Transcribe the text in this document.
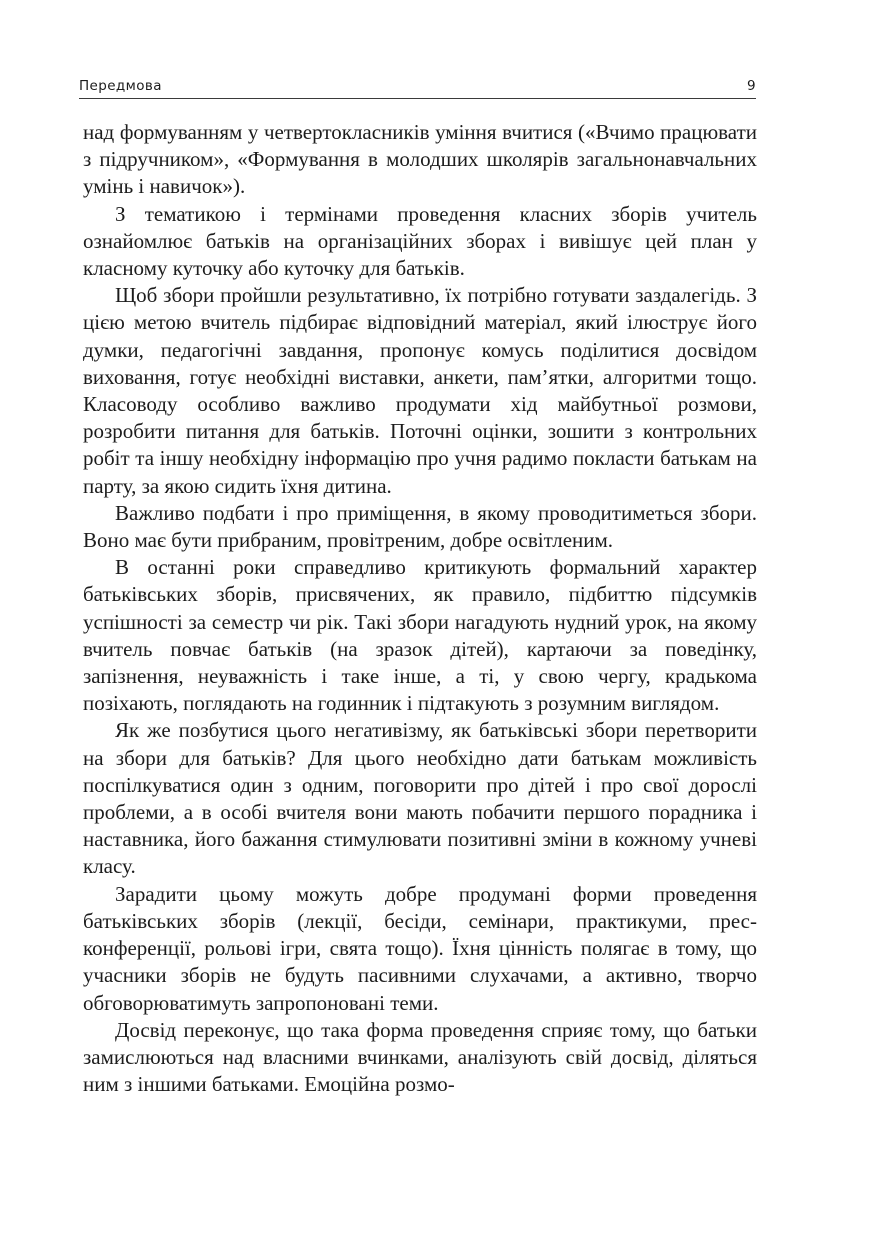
Передмова	9

над формуванням у четвертокласників уміння вчитися («Вчимо працювати з підручником», «Формування в молодших школярів загальнонавчальних умінь і навичок»).

З тематикою і термінами проведення класних зборів учитель ознайомлює батьків на організаційних зборах і вивішує цей план у класному куточку або куточку для батьків.

Щоб збори пройшли результативно, їх потрібно готувати заздалегідь. З цією метою вчитель підбирає відповідний матеріал, який ілюструє його думки, педагогічні завдання, пропонує комусь поділитися досвідом виховання, готує необхідні виставки, анкети, пам’ятки, алгоритми тощо. Класоводу особливо важливо продумати хід майбутньої розмови, розробити питання для батьків. Поточні оцінки, зошити з контрольних робіт та іншу необхідну інформацію про учня радимо покласти батькам на парту, за якою сидить їхня дитина.

Важливо подбати і про приміщення, в якому проводитиметься збори. Воно має бути прибраним, провітреним, добре освітленим.

В останні роки справедливо критикують формальний характер батьківських зборів, присвячених, як правило, підбиттю підсумків успішності за семестр чи рік. Такі збори нагадують нудний урок, на якому вчитель повчає батьків (на зразок дітей), картаючи за поведінку, запізнення, неуважність і таке інше, а ті, у свою чергу, крадькома позіхають, поглядають на годинник і підтакують з розумним виглядом.

Як же позбутися цього негативізму, як батьківські збори перетворити на збори для батьків? Для цього необхідно дати батькам можливість поспілкуватися один з одним, поговорити про дітей і про свої дорослі проблеми, а в особі вчителя вони мають побачити першого порадника і наставника, його бажання стимулювати позитивні зміни в кожному учневі класу.

Зарадити цьому можуть добре продумані форми проведення батьківських зборів (лекції, бесіди, семінари, практикуми, прес-конференції, рольові ігри, свята тощо). Їхня цінність полягає в тому, що учасники зборів не будуть пасивними слухачами, а активно, творчо обговорюватимуть запропоновані теми.

Досвід переконує, що така форма проведення сприяє тому, що батьки замислюються над власними вчинками, аналізують свій досвід, діляться ним з іншими батьками. Емоційна розмо-
